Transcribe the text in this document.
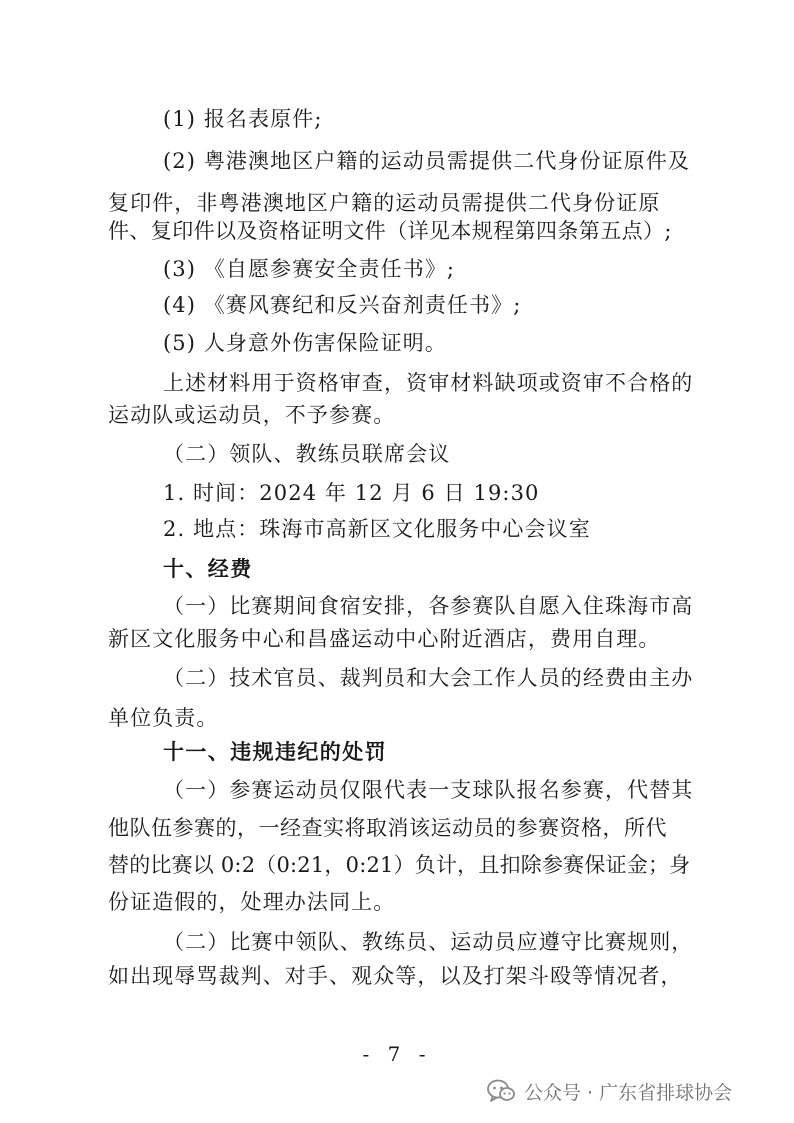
(1) 报名表原件;
(2) 粤港澳地区户籍的运动员需提供二代身份证原件及
复印件，非粤港澳地区户籍的运动员需提供二代身份证原
件、复印件以及资格证明文件（详见本规程第四条第五点）;
(3) 《自愿参赛安全责任书》;
(4) 《赛风赛纪和反兴奋剂责任书》;
(5) 人身意外伤害保险证明。
上述材料用于资格审查，资审材料缺项或资审不合格的
运动队或运动员，不予参赛。
（二）领队、教练员联席会议
1. 时间：2024 年 12 月 6 日 19:30
2. 地点：珠海市高新区文化服务中心会议室
十、经费
（一）比赛期间食宿安排，各参赛队自愿入住珠海市高
新区文化服务中心和昌盛运动中心附近酒店，费用自理。
（二）技术官员、裁判员和大会工作人员的经费由主办
单位负责。
十一、违规违纪的处罚
（一）参赛运动员仅限代表一支球队报名参赛，代替其
他队伍参赛的，一经查实将取消该运动员的参赛资格，所代
替的比赛以 0:2（0:21，0:21）负计，且扣除参赛保证金；身
份证造假的，处理办法同上。
（二）比赛中领队、教练员、运动员应遵守比赛规则，
如出现辱骂裁判、对手、观众等，以及打架斗殴等情况者，
- 7 -
公众号 · 广东省排球协会
